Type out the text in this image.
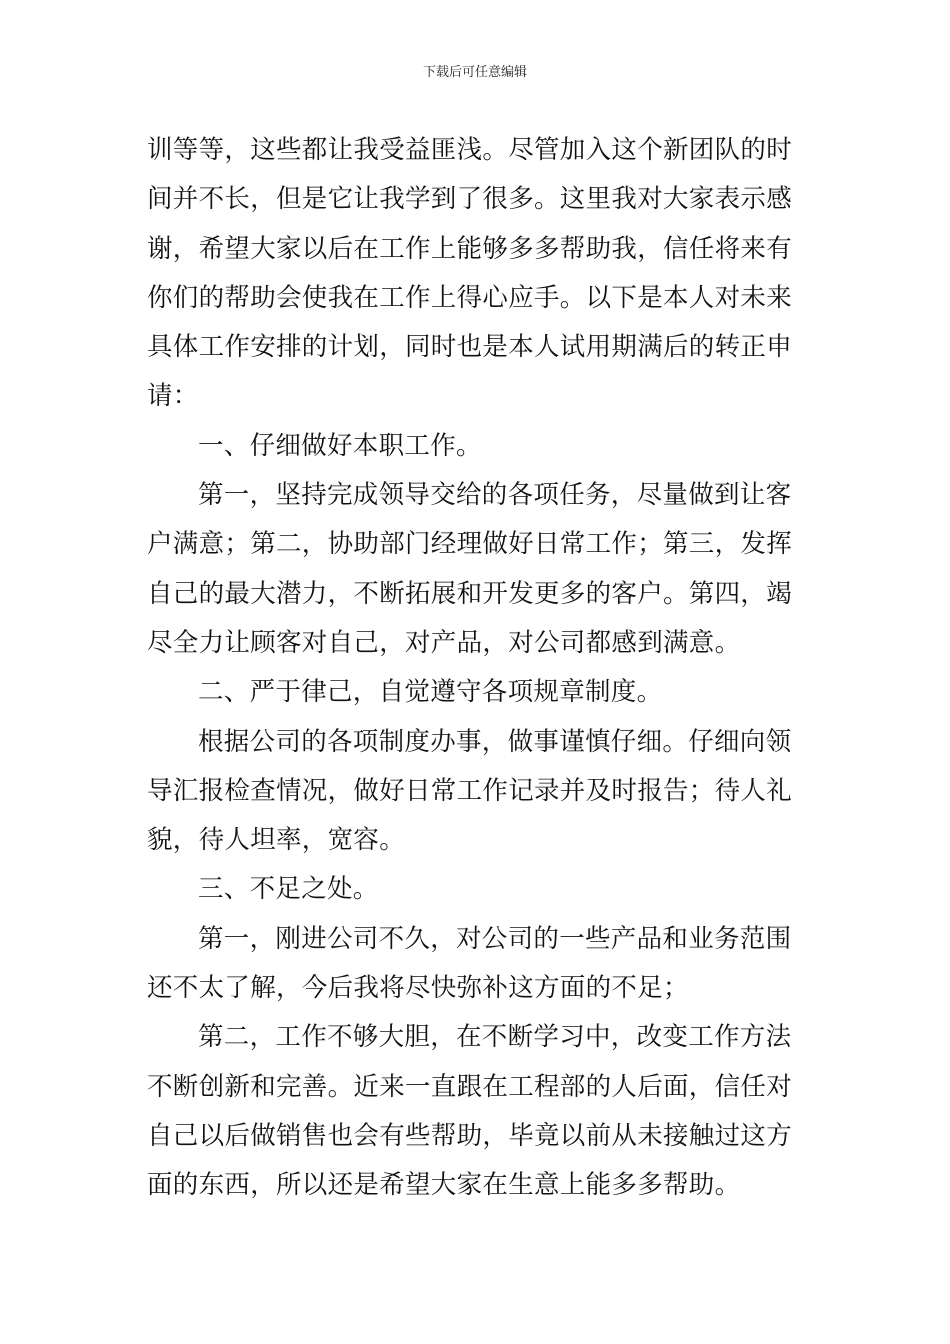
下载后可任意编辑
训等等，这些都让我受益匪浅。尽管加入这个新团队的时
间并不长，但是它让我学到了很多。这里我对大家表示感
谢，希望大家以后在工作上能够多多帮助我，信任将来有
你们的帮助会使我在工作上得心应手。以下是本人对未来
具体工作安排的计划，同时也是本人试用期满后的转正申
请：
一、仔细做好本职工作。
第一，坚持完成领导交给的各项任务，尽量做到让客
户满意；第二，协助部门经理做好日常工作；第三，发挥
自己的最大潜力，不断拓展和开发更多的客户。第四，竭
尽全力让顾客对自己，对产品，对公司都感到满意。
二、严于律己，自觉遵守各项规章制度。
根据公司的各项制度办事，做事谨慎仔细。仔细向领
导汇报检查情况，做好日常工作记录并及时报告；待人礼
貌，待人坦率，宽容。
三、不足之处。
第一，刚进公司不久，对公司的一些产品和业务范围
还不太了解，今后我将尽快弥补这方面的不足；
第二，工作不够大胆，在不断学习中，改变工作方法
不断创新和完善。近来一直跟在工程部的人后面，信任对
自己以后做销售也会有些帮助，毕竟以前从未接触过这方
面的东西，所以还是希望大家在生意上能多多帮助。
